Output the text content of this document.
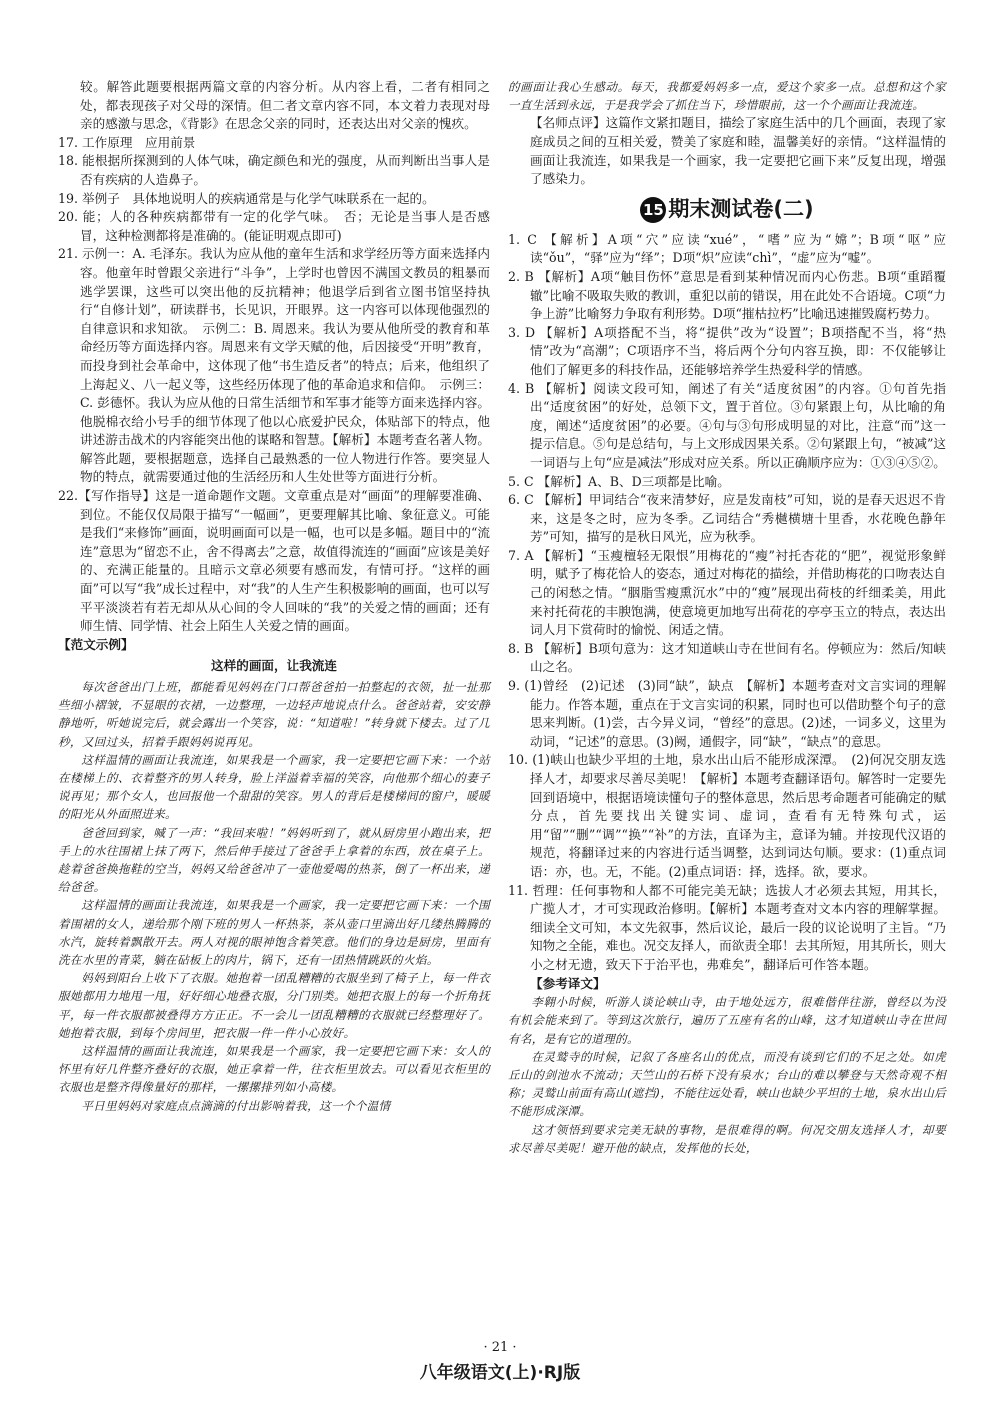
较。解答此题要根据两篇文章的内容分析。从内容上看，二者有相同之处，都表现孩子对父母的深情。但二者文章内容不同，本文着力表现对母亲的感激与思念，《背影》在思念父亲的同时，还表达出对父亲的愧疚。

17. 工作原理　应用前景

18. 能根据所探测到的人体气味，确定颜色和光的强度，从而判断出当事人是否有疾病的人造鼻子。

19. 举例子　具体地说明人的疾病通常是与化学气味联系在一起的。

20. 能；人的各种疾病都带有一定的化学气味。　否；无论是当事人是否感冒，这种检测都将是准确的。(能证明观点即可)

21. 示例一：A. 毛泽东。我认为应从他的童年生活和求学经历等方面来选择内容。他童年时曾跟父亲进行“斗争”，上学时也曾因不满国文教员的粗暴而逃学罢课，这些可以突出他的反抗精神；他退学后到省立图书馆坚持执行“自修计划”，研读群书，长见识，开眼界。这一内容可以体现他强烈的自律意识和求知欲。　示例二：B. 周恩来。我认为要从他所受的教育和革命经历等方面选择内容。周恩来有文学天赋的他，后因接受“开明”教育，而投身到社会革命中，这体现了他“书生造反者”的特点；后来，他组织了上海起义、八一起义等，这些经历体现了他的革命追求和信仰。　示例三：C. 彭德怀。我认为应从他的日常生活细节和军事才能等方面来选择内容。他脱棉衣给小号手的细节体现了他以心底爱护民众，体贴部下的特点，他讲述游击战术的内容能突出他的谋略和智慧。【解析】本题考查名著人物。解答此题，要根据题意，选择自己最熟悉的一位人物进行作答。要突显人物的特点，就需要通过他的生活经历和人生处世等方面进行分析。

22.【写作指导】这是一道命题作文题。文章重点是对“画面”的理解要准确、到位。不能仅仅局限于描写“一幅画”，更要理解其比喻、象征意义。可能是我们“来修饰”画面，说明画面可以是一幅，也可以是多幅。题目中的“流连”意思为“留恋不止，舍不得离去”之意，故值得流连的“画面”应该是美好的、充满正能量的。且暗示文章必须要有感而发，有情可抒。“这样的画面”可以写“我”成长过程中，对“我”的人生产生积极影响的画面，也可以写平平淡淡若有若无却从从心间的令人回味的“我”的关爱之情的画面；还有师生情、同学情、社会上陌生人关爱之情的画面。

【范文示例】

这样的画面，让我流连

每次爸爸出门上班，都能看见妈妈在门口帮爸爸拍一拍整起的衣领，扯一扯那些细小褶皱，不显眼的衣裙，一边整理，一边轻声地说点什么。爸爸站着，安安静静地听，听她说完后，就会露出一个笑容，说：“知道啦！”转身就下楼去。过了几秒，又回过头，招着手跟妈妈说再见。

这样温情的画面让我流连，如果我是一个画家，我一定要把它画下来：一个站在楼梯上的、衣着整齐的男人转身，脸上洋溢着幸福的笑容，向他那个细心的妻子说再见；那个女人，也回报他一个甜甜的笑容。男人的背后是楼梯间的窗户，暖暖的阳光从外面照进来。

爸爸回到家，喊了一声：“我回来啦！”妈妈听到了，就从厨房里小跑出来，把手上的水往围裙上抹了两下，然后伸手接过了爸爸手上拿着的东西，放在桌子上。趁着爸爸换拖鞋的空当，妈妈又给爸爸冲了一壶他爱喝的热茶，倒了一杯出来，递给爸爸。

这样温情的画面让我流连，如果我是一个画家，我一定要把它画下来：一个围着围裙的女人，递给那个刚下班的男人一杯热茶，茶从壶口里滴出好几缕热腾腾的水汽，旋转着飘散开去。两人对视的眼神饱含着笑意。他们的身边是厨房，里面有洗在水里的青菜，躺在砧板上的肉片，锅下，还有一团热情跳跃的火焰。

妈妈到阳台上收下了衣服。她抱着一团乱糟糟的衣服坐到了椅子上，每一件衣服她都用力地甩一甩，好好细心地叠衣服，分门别类。她把衣服上的每一个折角抚平，每一件衣服都被叠得方方正正。不一会儿一团乱糟糟的衣服就已经整理好了。她抱着衣服，到每个房间里，把衣服一件一件小心放好。

这样温情的画面让我流连，如果我是一个画家，我一定要把它画下来：女人的怀里有好几件整齐叠好的衣服，她正拿着一件，往衣柜里放去。可以看见衣柜里的衣服也是整齐得像量好的那样，一摞摞排列如小高楼。

平日里妈妈对家庭点点滴滴的付出影响着我，这一个个温情

的画面让我心生感动。每天，我都爱妈妈多一点，爱这个家多一点。总想和这个家一直生活到永远，于是我学会了抓住当下，珍惜眼前，这一个个画面让我流连。

【名师点评】这篇作文紧扣题目，描绘了家庭生活中的几个画面，表现了家庭成员之间的互相关爱，赞美了家庭和睦，温馨美好的亲情。“这样温情的画面让我流连，如果我是一个画家，我一定要把它画下来”反复出现，增强了感染力。

15 期末测试卷(二)

1. C 【解析】A项“穴”应读“xué”，“嗜”应为“嫦”；B项“呕”应读“ǒu”，“驿”应为“绎”；D项“炽”应读“chì”，“虚”应为“嘘”。

2. B 【解析】A项“触目伤怀”意思是看到某种情况而内心伤悲。B项“重蹈覆辙”比喻不吸取失败的教训，重犯以前的错误，用在此处不合语境。C项“力争上游”比喻努力争取有利形势。D项“摧枯拉朽”比喻迅速摧毁腐朽势力。

3. D 【解析】A项搭配不当，将“提供”改为“设置”；B项搭配不当，将“热情”改为“高潮”；C项语序不当，将后两个分句内容互换，即：不仅能够让他们了解更多的科技作品，还能够培养学生热爱科学的情感。

4. B 【解析】阅读文段可知，阐述了有关“适度贫困”的内容。①句首先指出“适度贫困”的好处，总领下文，置于首位。③句紧跟上句，从比喻的角度，阐述“适度贫困”的必要。④句与③句形成明显的对比，注意“而”这一提示信息。⑤句是总结句，与上文形成因果关系。②句紧跟上句，“被减”这一词语与上句“应是减法”形成对应关系。所以正确顺序应为：①③④⑤②。

5. C 【解析】A、B、D三项都是比喻。

6. C 【解析】甲词结合“夜来清梦好，应是发南枝”可知，说的是春天迟迟不肯来，这是冬之时，应为冬季。乙词结合“秀樾横塘十里香，水花晚色静年芳”可知，描写的是秋日风光，应为秋季。

7. A 【解析】“玉瘦檀轻无限恨”用梅花的“瘦”衬托杏花的“肥”，视觉形象鲜明，赋予了梅花恰人的姿态，通过对梅花的描绘，并借助梅花的口吻表达自己的闲愁之情。“胭脂雪瘦熏沉水”中的“瘦”展现出荷枝的纤细柔美，用此来衬托荷花的丰腴饱满，使意境更加地写出荷花的亭亭玉立的特点，表达出词人月下赏荷时的愉悦、闲适之情。

8. B 【解析】B项句意为：这才知道峡山寺在世间有名。停顿应为：然后/知峡山之名。

9. (1)曾经　(2)记述　(3)同“缺”，缺点　【解析】本题考查对文言实词的理解能力。作答本题，重点在于文言实词的积累，同时也可以借助整个句子的意思来判断。(1)尝，古今异义词，“曾经”的意思。(2)述，一词多义，这里为动词，“记述”的意思。(3)阙，通假字，同“缺”，“缺点”的意思。

10. (1)峡山也缺少平坦的土地，泉水出山后不能形成深潭。　(2)何况交朋友选择人才，却要求尽善尽美呢！【解析】本题考查翻译语句。解答时一定要先回到语境中，根据语境读懂句子的整体意思，然后思考命题者可能确定的赋分点，首先要找出关键实词、虚词，查看有无特殊句式，运用“留”“删”“调”“换”“补”的方法，直译为主，意译为辅。并按现代汉语的规范，将翻译过来的内容进行适当调整，达到词达句顺。要求：(1)重点词语：亦，也。无，不能。(2)重点词语：择，选择。欲，要求。

11. 哲理：任何事物和人都不可能完美无缺；选拔人才必须去其短，用其长，广揽人才，才可实现政治修明。【解析】本题考查对文本内容的理解掌握。细读全文可知，本文先叙事，然后议论，最后一段的议论说明了主旨。“乃知物之全能，难也。况交友择人，而欲责全耶！去其所短，用其所长，则大小之材无遗，致天下于治平也，弗难矣”，翻译后可作答本题。

【参考译文】

李翱小时候，听游人谈论峡山寺，由于地处远方，很难偕伴往游，曾经以为没有机会能来到了。等到这次旅行，遍历了五座有名的山峰，这才知道峡山寺在世间有名，是有它的道理的。

在灵鹫寺的时候，记叙了各座名山的优点，而没有谈到它们的不足之处。如虎丘山的剑池水不流动；天竺山的石桥下没有泉水；台山的难以攀登与天然奇观不相称；灵鹫山前面有高山(遮挡)，不能往远处看，峡山也缺少平坦的土地，泉水出山后不能形成深潭。

这才领悟到要求完美无缺的事物，是很难得的啊。何况交朋友选择人才，却要求尽善尽美呢！避开他的缺点，发挥他的长处，

· 21 ·
八年级语文(上)·RJ版
